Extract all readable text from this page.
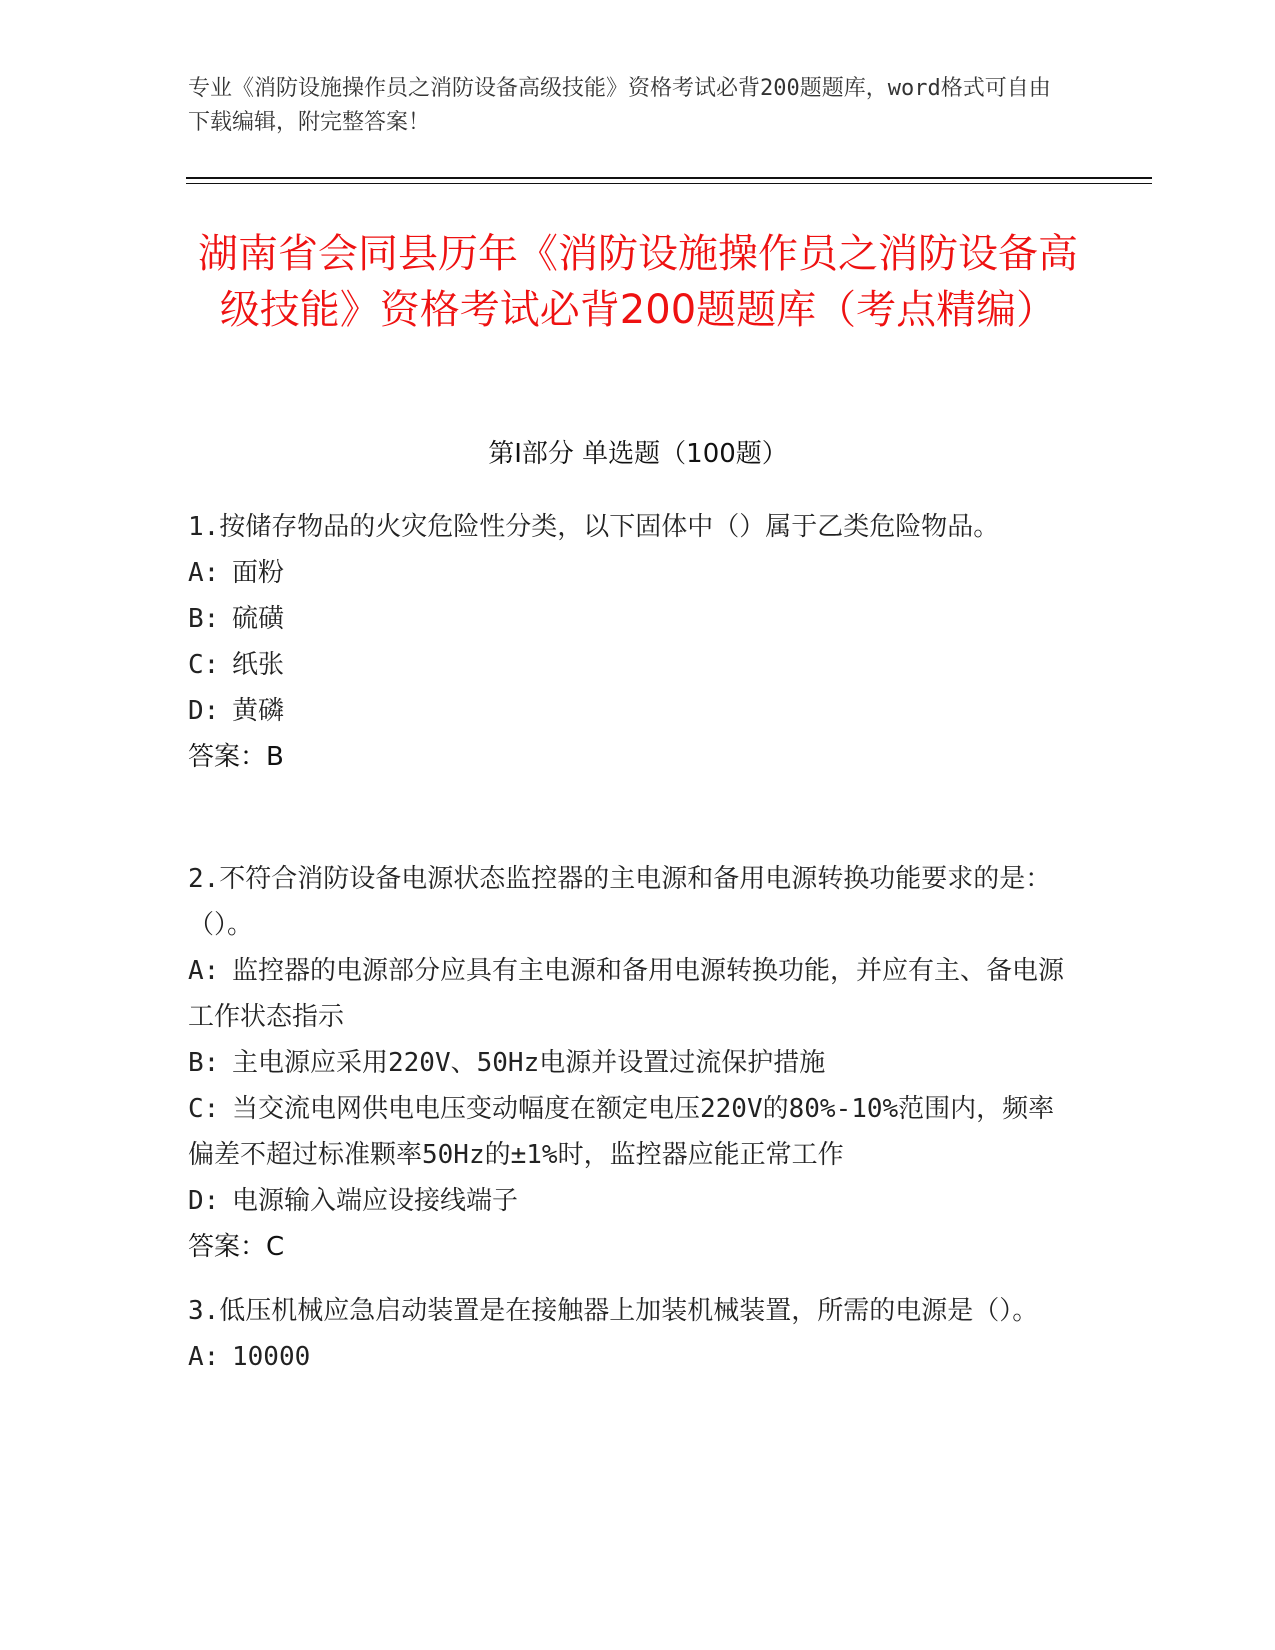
专业《消防设施操作员之消防设备高级技能》资格考试必背200题题库，word格式可自由下载编辑，附完整答案！
湖南省会同县历年《消防设施操作员之消防设备高级技能》资格考试必背200题题库（考点精编）
第I部分 单选题（100题）

1.按储存物品的火灾危险性分类，以下固体中（）属于乙类危险物品。

A: 面粉

B: 硫磺

C: 纸张

D: 黄磷

答案：B

2.不符合消防设备电源状态监控器的主电源和备用电源转换功能要求的是：（）。

A: 监控器的电源部分应具有主电源和备用电源转换功能，并应有主、备电源工作状态指示

B: 主电源应采用220V、50Hz电源并设置过流保护措施

C: 当交流电网供电电压变动幅度在额定电压220V的80%-10%范围内，频率偏差不超过标准颗率50Hz的±1%时，监控器应能正常工作

D: 电源输入端应设接线端子

答案：C

3.低压机械应急启动装置是在接触器上加装机械装置，所需的电源是（）。

A: 10000
